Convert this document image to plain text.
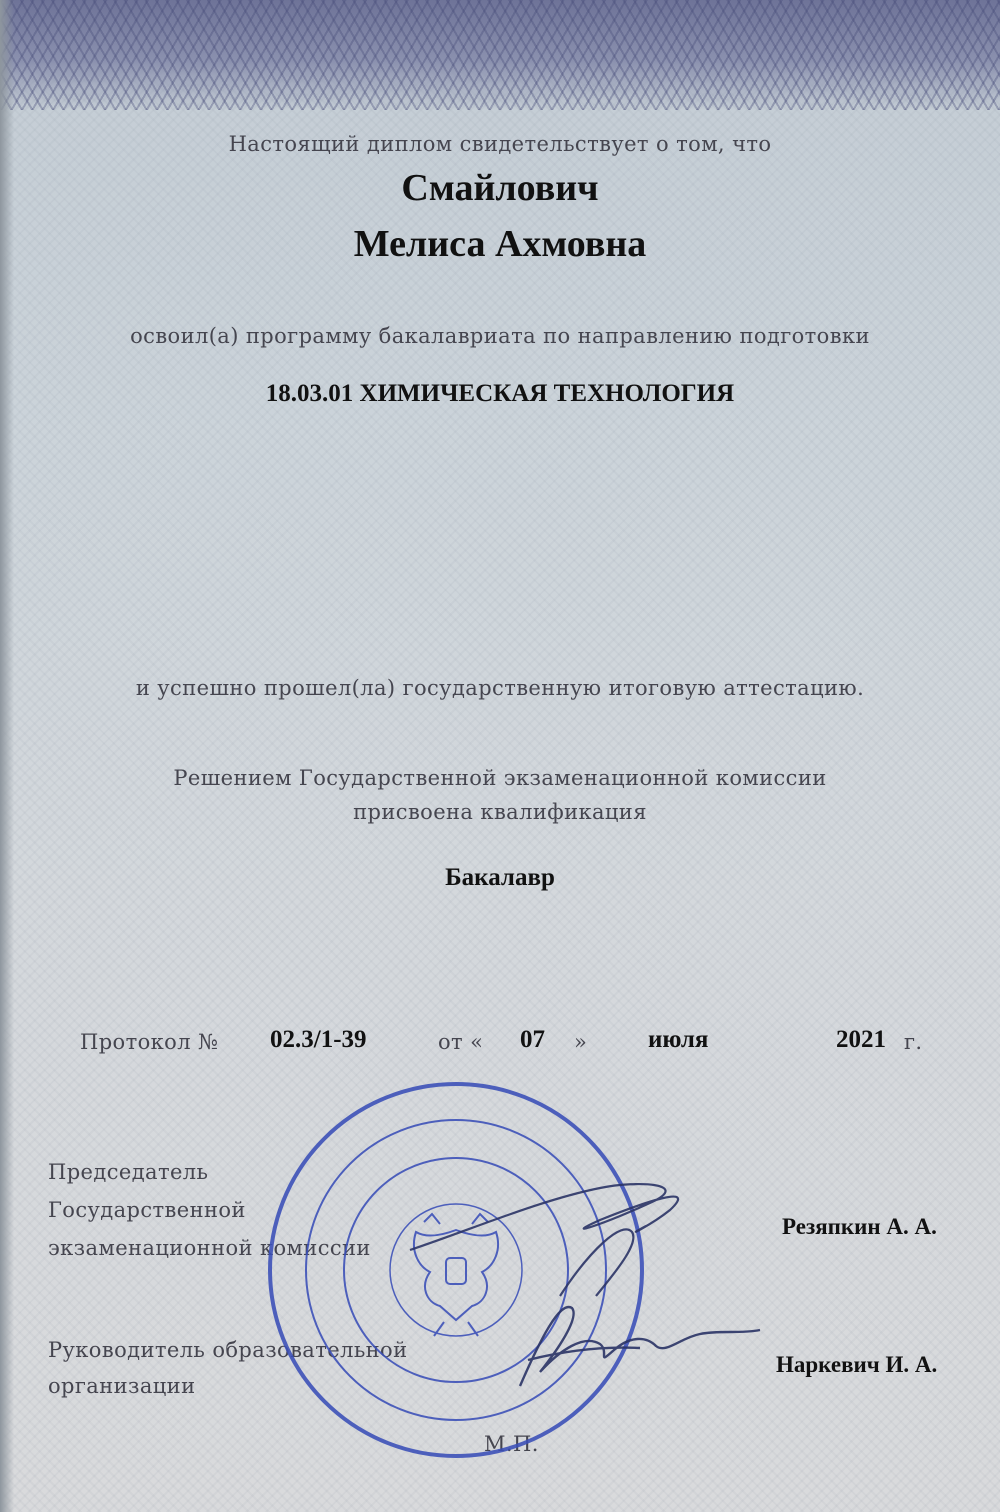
Настоящий диплом свидетельствует о том, что
Смайлович
Мелиса Ахмовна
освоил(а) программу бакалавриата по направлению подготовки
18.03.01 ХИМИЧЕСКАЯ ТЕХНОЛОГИЯ
и успешно прошел(ла) государственную итоговую аттестацию.
Решением Государственной экзаменационной комиссии
присвоена квалификация
Бакалавр
Протокол № 02.3/1-39	от « 07 » июля	2021 г.
Председатель
Государственной
экзаменационной комиссии
Резяпкин А. А.
Руководитель образовательной
организации
Наркевич И. А.
М.П.
